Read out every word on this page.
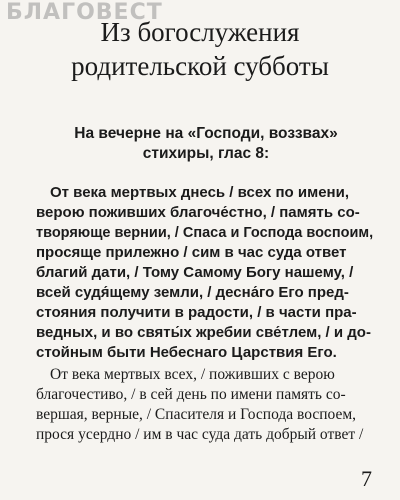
БЛАГОВЕСТ
Из богослужения
родительской субботы
На вечерне на «Господи, воззвах»
стихиры, глас 8:
От века мертвых днесь / всех по имени,
верою поживших благоче́стно, / память со-
творяюще вернии, / Спаса и Господа воспоим,
просяще прилежно / сим в час суда ответ
благий дати, / Тому Самому Богу нашему, /
всей судя́щему земли, / десна́го Его пред-
стояния получити в радости, / в части пра-
ведных, и во святы́х жребии све́тлем, / и до-
стойным быти Небеснаго Царствия Его.
От века мертвых всех, / поживших с верою
благочестиво, / в сей день по имени память со-
вершая, верные, / Спасителя и Господа воспоем,
прося усердно / им в час суда дать добрый ответ /
7
